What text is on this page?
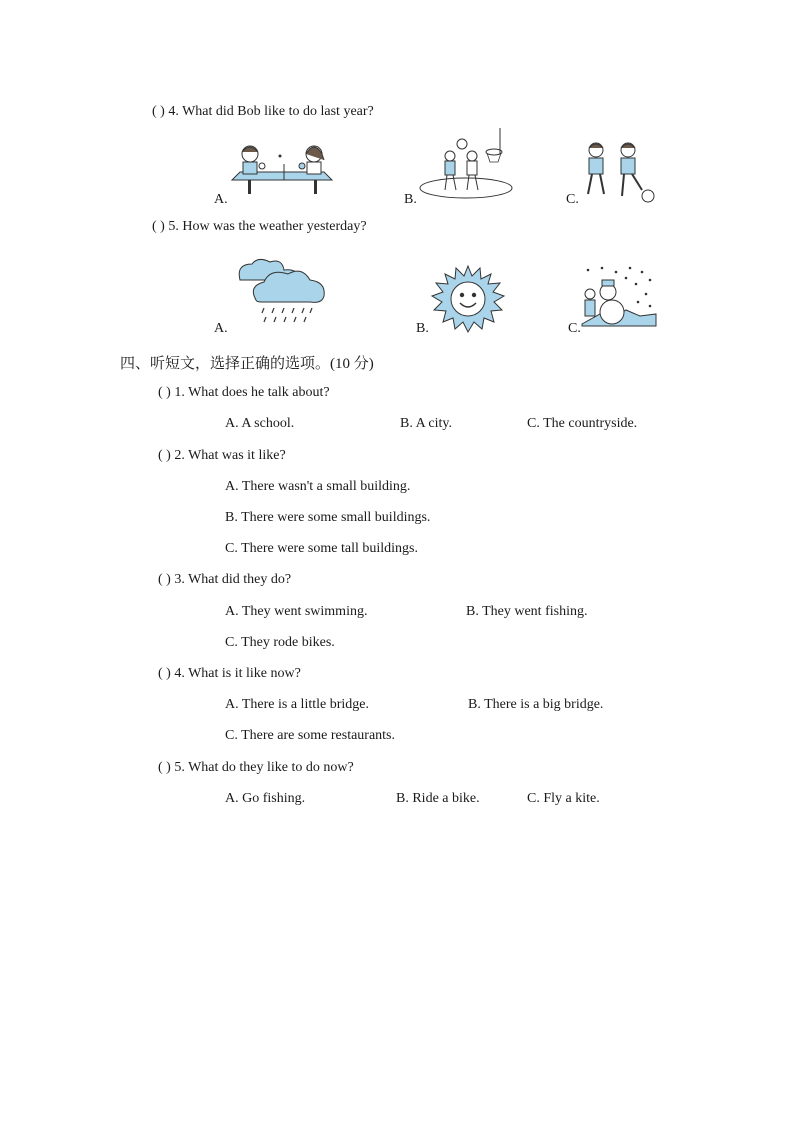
( ) 4. What did Bob like to do last year?
A.	B.	C.
( ) 5. How was the weather yesterday?
A.	B.	C.
四、听短文，选择正确的选项。(10 分)
( ) 1. What does he talk about?
A. A school.	B. A city.	C. The countryside.
( ) 2. What was it like?
A. There wasn't a small building.
B. There were some small buildings.
C. There were some tall buildings.
( ) 3. What did they do?
A. They went swimming.	B. They went fishing.
C. They rode bikes.
( ) 4. What is it like now?
A. There is a little bridge.	B. There is a big bridge.
C. There are some restaurants.
( ) 5. What do they like to do now?
A. Go fishing.	B. Ride a bike.	C. Fly a kite.
